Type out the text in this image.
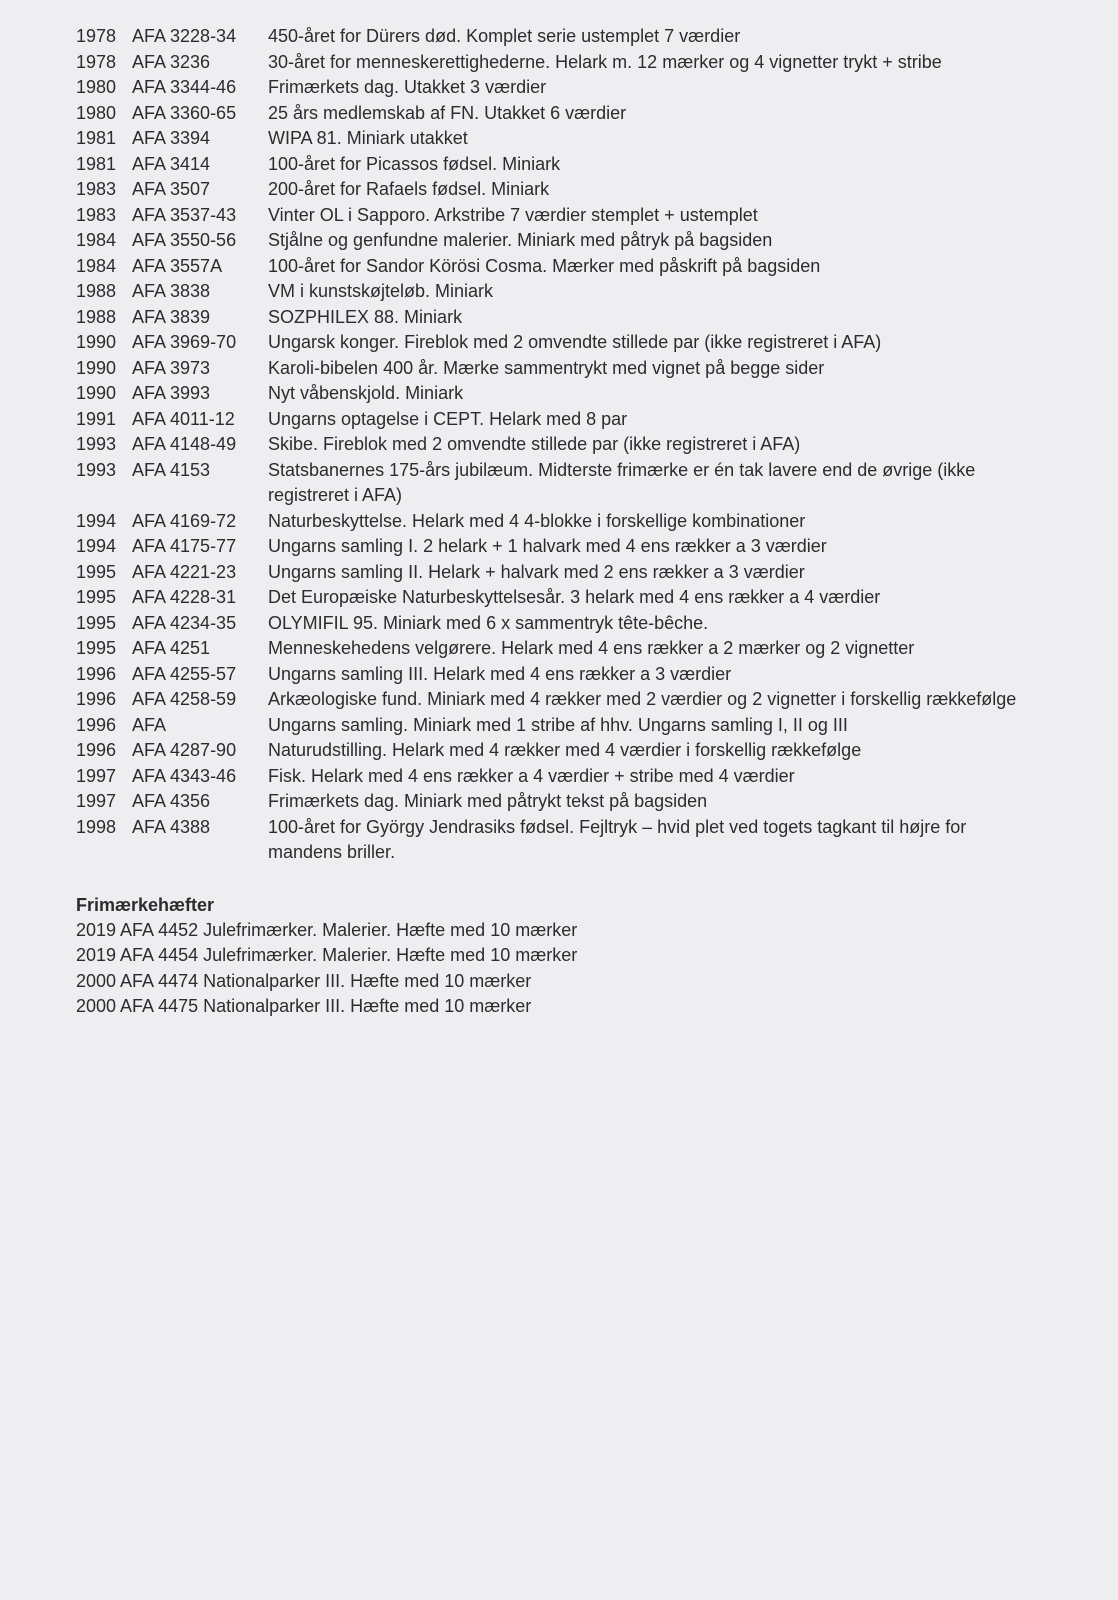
1978 AFA 3228-34	450-året for Dürers død. Komplet serie ustemplet 7 værdier
1978 AFA 3236	30-året for menneskerettighederne. Helark m. 12 mærker og 4 vignetter trykt + stribe
1980 AFA 3344-46	Frimærkets dag. Utakket 3 værdier
1980 AFA 3360-65	25 års medlemskab af FN. Utakket 6 værdier
1981 AFA 3394	WIPA 81. Miniark utakket
1981 AFA 3414	100-året for Picassos fødsel. Miniark
1983 AFA 3507	200-året for Rafaels fødsel. Miniark
1983 AFA 3537-43	Vinter OL i Sapporo. Arkstribe 7 værdier stemplet + ustemplet
1984 AFA 3550-56	Stjålne og genfundne malerier. Miniark med påtryk på bagsiden
1984 AFA 3557A	100-året for Sandor Körösi Cosma. Mærker med påskrift på bagsiden
1988 AFA 3838	VM i kunstskøjteløb. Miniark
1988 AFA 3839	SOZPHILEX 88. Miniark
1990 AFA 3969-70	Ungarsk konger. Fireblok med 2 omvendte stillede par (ikke registreret i AFA)
1990 AFA 3973	Karoli-bibelen 400 år. Mærke sammentrykt med vignet på begge sider
1990 AFA 3993	Nyt våbenskjold. Miniark
1991 AFA 4011-12	Ungarns optagelse i CEPT. Helark med 8 par
1993 AFA 4148-49	Skibe. Fireblok med 2 omvendte stillede par (ikke registreret i AFA)
1993 AFA 4153	Statsbanernes 175-års jubilæum. Midterste frimærke er én tak lavere end de øvrige (ikke registreret i AFA)
1994 AFA 4169-72	Naturbeskyttelse. Helark med 4 4-blokke i forskellige kombinationer
1994 AFA 4175-77	Ungarns samling I. 2 helark + 1 halvark med 4 ens rækker a 3 værdier
1995 AFA 4221-23	Ungarns samling II. Helark + halvark med 2 ens rækker a 3 værdier
1995 AFA 4228-31	Det Europæiske Naturbeskyttelsesår. 3 helark med 4 ens rækker a 4 værdier
1995 AFA 4234-35	OLYMIFIL 95. Miniark med 6 x sammentryk tête-bêche.
1995 AFA 4251	Menneskehedens velgørere. Helark med 4 ens rækker a 2 mærker og 2 vignetter
1996 AFA 4255-57	Ungarns samling III. Helark med 4 ens rækker a 3 værdier
1996 AFA 4258-59	Arkæologiske fund. Miniark med 4 rækker med 2 værdier og 2 vignetter i forskellig rækkefølge
1996 AFA	Ungarns samling. Miniark med 1 stribe af hhv. Ungarns samling I, II og III
1996 AFA 4287-90	Naturudstilling. Helark med 4 rækker med 4 værdier i forskellig rækkefølge
1997 AFA 4343-46	Fisk. Helark med 4 ens rækker a 4 værdier + stribe med 4 værdier
1997 AFA 4356	Frimærkets dag. Miniark med påtrykt tekst på bagsiden
1998 AFA 4388	100-året for György Jendrasiks fødsel. Fejltryk – hvid plet ved togets tagkant til højre for mandens briller.
Frimærkehæfter
2019 AFA 4452 Julefrimærker. Malerier. Hæfte med 10 mærker
2019 AFA 4454 Julefrimærker. Malerier. Hæfte med 10 mærker
2000 AFA 4474 Nationalparker III. Hæfte med 10 mærker
2000 AFA 4475 Nationalparker III. Hæfte med 10 mærker
